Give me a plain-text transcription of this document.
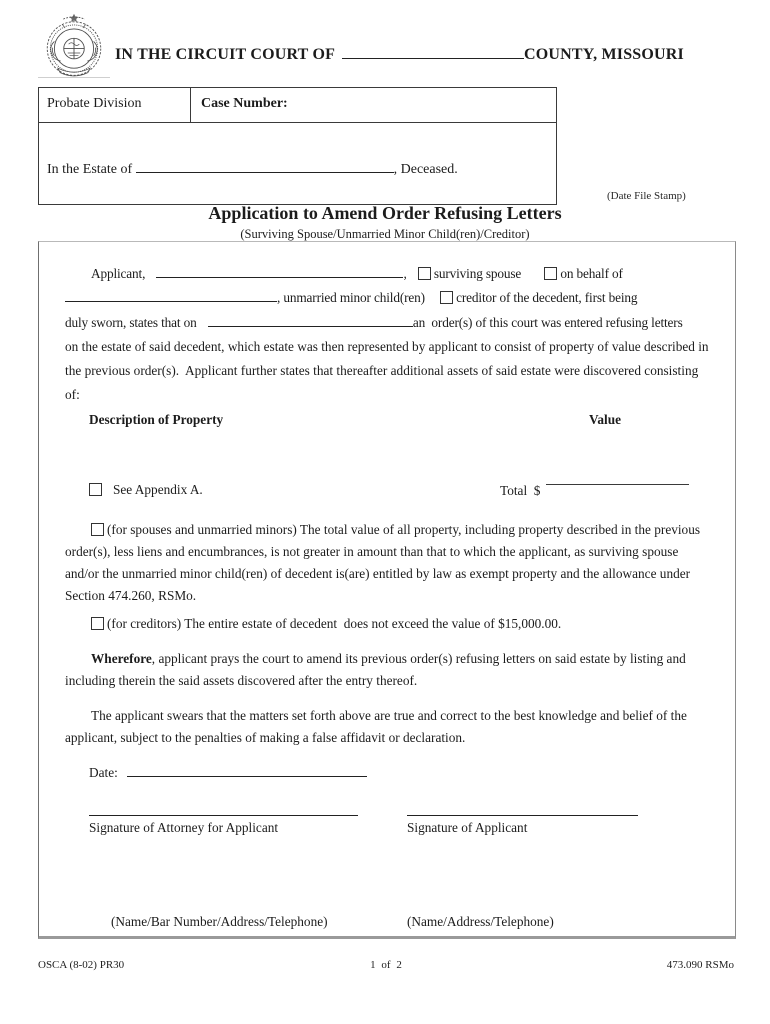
IN THE CIRCUIT COURT OF	COUNTY, MISSOURI
Probate Division	Case Number:
In the Estate of	, Deceased.
(Date File Stamp)
Application to Amend Order Refusing Letters
(Surviving Spouse/Unmarried Minor Child(ren)/Creditor)
Applicant,	, surviving spouse	on behalf of
, unmarried minor child(ren) creditor of the decedent, first being
duly sworn, states that on	an  order(s) of this court was entered refusing letters
on the estate of said decedent, which estate was then represented by applicant to consist of property of value described in the previous order(s).  Applicant further states that thereafter additional assets of said estate were discovered consisting of:
Description of Property	Value
See Appendix A.	Total  $

(for spouses and unmarried minors) The total value of all property, including property described in the previous order(s), less liens and encumbrances, is not greater in amount than that to which the applicant, as surviving spouse and/or the unmarried minor child(ren) of decedent is(are) entitled by law as exempt property and the allowance under Section 474.260, RSMo.

(for creditors) The entire estate of decedent  does not exceed the value of $15,000.00.

Wherefore, applicant prays the court to amend its previous order(s) refusing letters on said estate by listing and including therein the said assets discovered after the entry thereof.

The applicant swears that the matters set forth above are true and correct to the best knowledge and belief of the applicant, subject to the penalties of making a false affidavit or declaration.

Date:
Signature of Attorney for Applicant	Signature of Applicant
(Name/Bar Number/Address/Telephone)	(Name/Address/Telephone)
OSCA (8-02) PR30	1 of 2	473.090 RSMo
